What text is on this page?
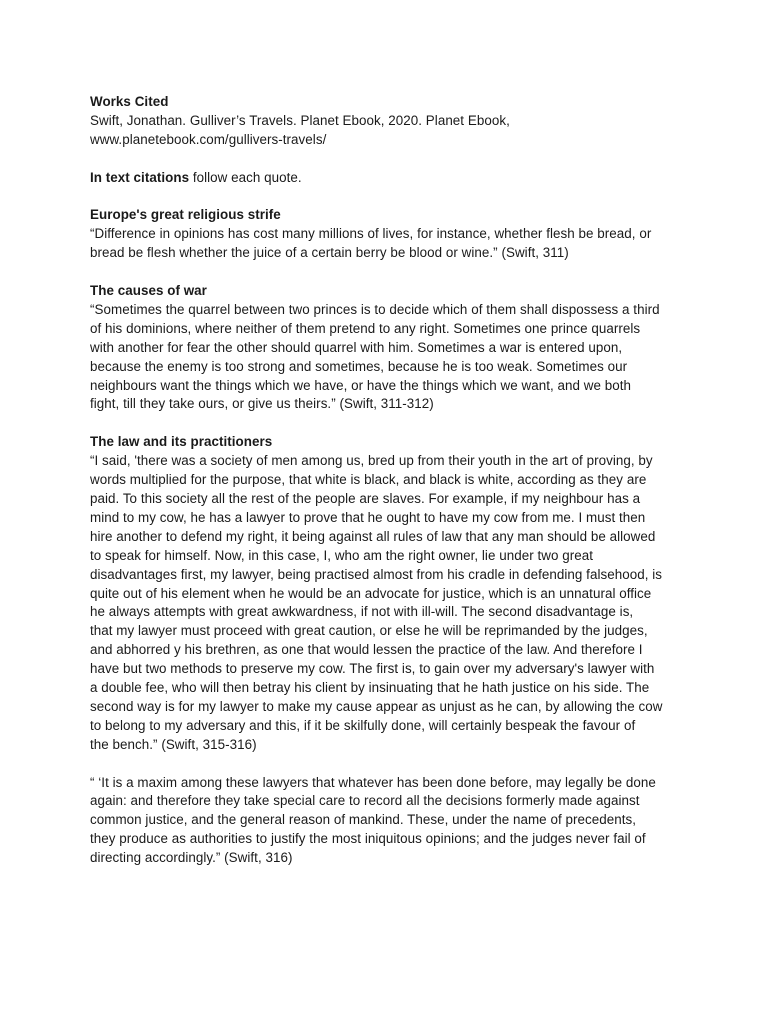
Works Cited
Swift, Jonathan. Gulliver’s Travels. Planet Ebook, 2020. Planet Ebook,
www.planetebook.com/gullivers-travels/
In text citations follow each quote.
Europe's great religious strife
“Difference in opinions has cost many millions of lives, for instance, whether flesh be bread, or
bread be flesh whether the juice of a certain berry be blood or wine.” (Swift, 311)
The causes of war
“Sometimes the quarrel between two princes is to decide which of them shall dispossess a third
of his dominions, where neither of them pretend to any right. Sometimes one prince quarrels
with another for fear the other should quarrel with him. Sometimes a war is entered upon,
because the enemy is too strong and sometimes, because he is too weak. Sometimes our
neighbours want the things which we have, or have the things which we want, and we both
fight, till they take ours, or give us theirs.” (Swift, 311-312)
The law and its practitioners
“I said, 'there was a society of men among us, bred up from their youth in the art of proving, by
words multiplied for the purpose, that white is black, and black is white, according as they are
paid. To this society all the rest of the people are slaves. For example, if my neighbour has a
mind to my cow, he has a lawyer to prove that he ought to have my cow from me. I must then
hire another to defend my right, it being against all rules of law that any man should be allowed
to speak for himself. Now, in this case, I, who am the right owner, lie under two great
disadvantages first, my lawyer, being practised almost from his cradle in defending falsehood, is
quite out of his element when he would be an advocate for justice, which is an unnatural office
he always attempts with great awkwardness, if not with ill-will. The second disadvantage is,
that my lawyer must proceed with great caution, or else he will be reprimanded by the judges,
and abhorred y his brethren, as one that would lessen the practice of the law. And therefore I
have but two methods to preserve my cow. The first is, to gain over my adversary's lawyer with
a double fee, who will then betray his client by insinuating that he hath justice on his side. The
second way is for my lawyer to make my cause appear as unjust as he can, by allowing the cow
to belong to my adversary and this, if it be skilfully done, will certainly bespeak the favour of
the bench.” (Swift, 315-316)
“ ‘It is a maxim among these lawyers that whatever has been done before, may legally be done
again: and therefore they take special care to record all the decisions formerly made against
common justice, and the general reason of mankind. These, under the name of precedents,
they produce as authorities to justify the most iniquitous opinions; and the judges never fail of
directing accordingly.” (Swift, 316)
